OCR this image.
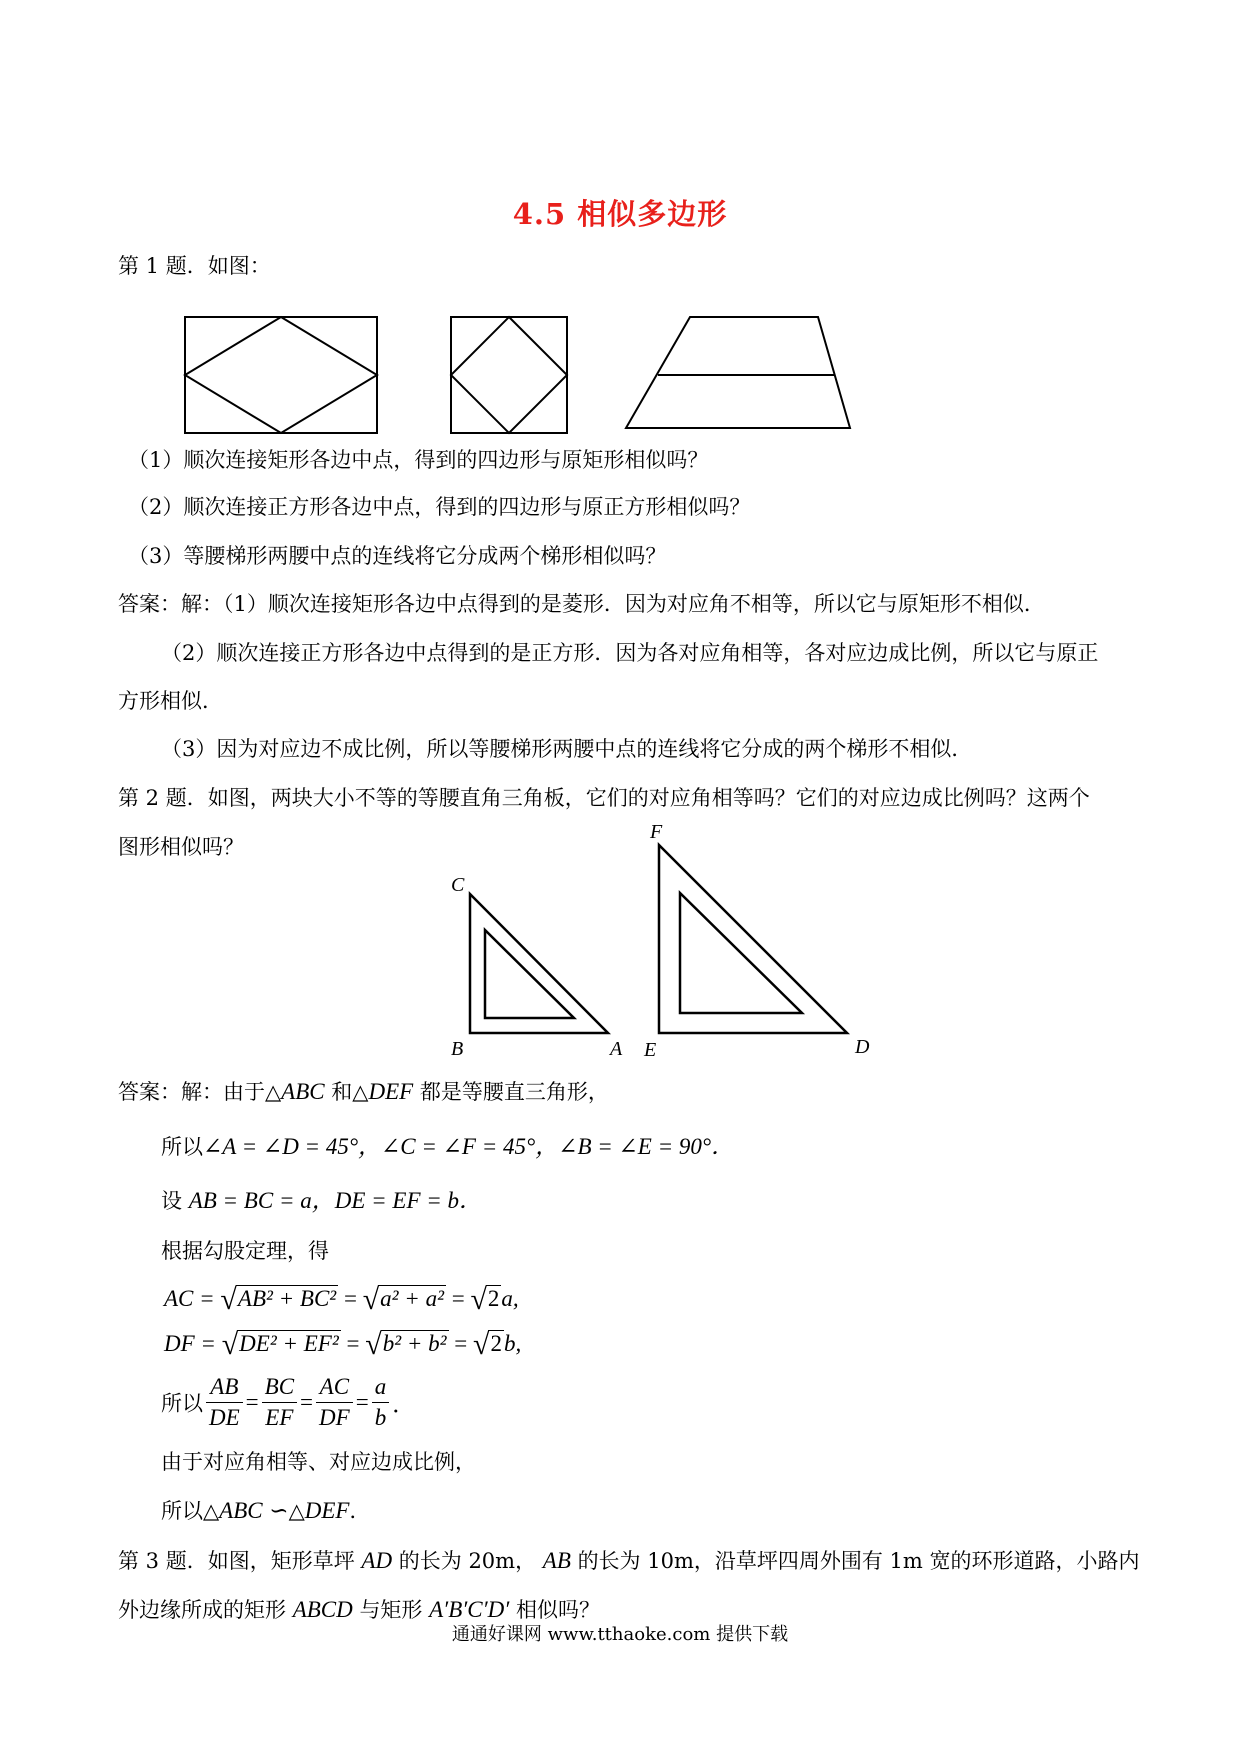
4.5 相似多边形
第 1 题．如图：
C
B	A
F
E	D
（1）顺次连接矩形各边中点，得到的四边形与原矩形相似吗？
（2）顺次连接正方形各边中点，得到的四边形与原正方形相似吗？
（3）等腰梯形两腰中点的连线将它分成两个梯形相似吗？
答案：解：（1）顺次连接矩形各边中点得到的是菱形．因为对应角不相等，所以它与原矩形不相似．
（2）顺次连接正方形各边中点得到的是正方形．因为各对应角相等，各对应边成比例，所以它与原正
方形相似．
（3）因为对应边不成比例，所以等腰梯形两腰中点的连线将它分成的两个梯形不相似．
第 2 题．如图，两块大小不等的等腰直角三角板，它们的对应角相等吗？它们的对应边成比例吗？这两个
图形相似吗？
答案：解：由于△ABC 和△DEF 都是等腰直三角形，
所以∠A = ∠D = 45°，∠C = ∠F = 45°，∠B = ∠E = 90°．
设 AB = BC = a，DE = EF = b．
根据勾股定理，得
AC = √AB² + BC² = √a² + a² = √2a,
DF = √DE² + EF² = √b² + b² = √2b,
所以 $\frac{AB}{DE} = \frac{BC}{EF} = \frac{AC}{DF} = \frac{a}{b}$ ．
由于对应角相等、对应边成比例，
所以△ABC ∽△DEF．
第 3 题．如图，矩形草坪 AD 的长为 20m， AB 的长为 10m，沿草坪四周外围有 1m 宽的环形道路，小路内
外边缘所成的矩形 ABCD 与矩形 A′B′C′D′ 相似吗？
通通好课网 www.tthaoke.com 提供下载
